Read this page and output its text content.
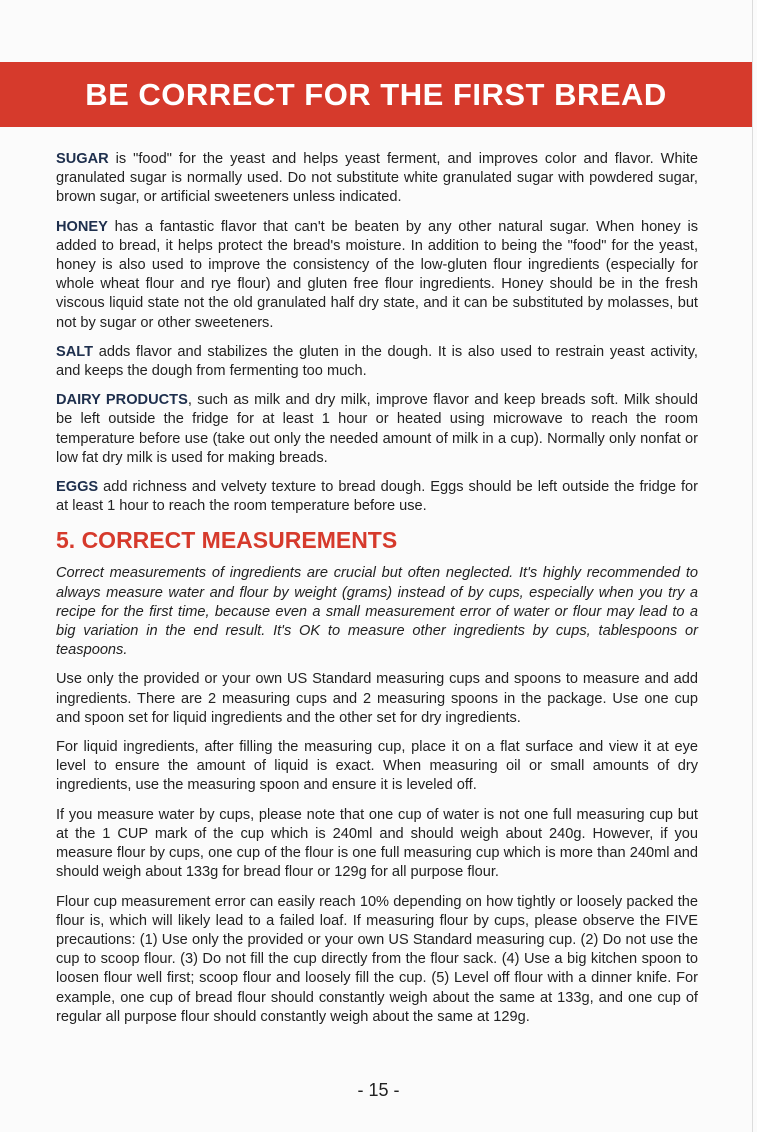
BE CORRECT FOR THE FIRST BREAD

SUGAR is "food" for the yeast and helps yeast ferment, and improves color and flavor. White granulated sugar is normally used. Do not substitute white granulated sugar with powdered sugar, brown sugar, or artificial sweeteners unless indicated.

HONEY has a fantastic flavor that can't be beaten by any other natural sugar. When honey is added to bread, it helps protect the bread's moisture. In addition to being the "food" for the yeast, honey is also used to improve the consistency of the low-gluten flour ingredients (especially for whole wheat flour and rye flour) and gluten free flour ingredients. Honey should be in the fresh viscous liquid state not the old granulated half dry state, and it can be substituted by molasses, but not by sugar or other sweeteners.

SALT adds flavor and stabilizes the gluten in the dough. It is also used to restrain yeast activity, and keeps the dough from fermenting too much.

DAIRY PRODUCTS, such as milk and dry milk, improve flavor and keep breads soft. Milk should be left outside the fridge for at least 1 hour or heated using microwave to reach the room temperature before use (take out only the needed amount of milk in a cup). Normally only nonfat or low fat dry milk is used for making breads.

EGGS add richness and velvety texture to bread dough. Eggs should be left outside the fridge for at least 1 hour to reach the room temperature before use.

5. CORRECT MEASUREMENTS

Correct measurements of ingredients are crucial but often neglected. It's highly recommended to always measure water and flour by weight (grams) instead of by cups, especially when you try a recipe for the first time, because even a small measurement error of water or flour may lead to a big variation in the end result. It's OK to measure other ingredients by cups, tablespoons or teaspoons.

Use only the provided or your own US Standard measuring cups and spoons to measure and add ingredients. There are 2 measuring cups and 2 measuring spoons in the package. Use one cup and spoon set for liquid ingredients and the other set for dry ingredients.

For liquid ingredients, after filling the measuring cup, place it on a flat surface and view it at eye level to ensure the amount of liquid is exact. When measuring oil or small amounts of dry ingredients, use the measuring spoon and ensure it is leveled off.

If you measure water by cups, please note that one cup of water is not one full measuring cup but at the 1 CUP mark of the cup which is 240ml and should weigh about 240g. However, if you measure flour by cups, one cup of the flour is one full measuring cup which is more than 240ml and should weigh about 133g for bread flour or 129g for all purpose flour.

Flour cup measurement error can easily reach 10% depending on how tightly or loosely packed the flour is, which will likely lead to a failed loaf. If measuring flour by cups, please observe the FIVE precautions: (1) Use only the provided or your own US Standard measuring cup. (2) Do not use the cup to scoop flour. (3) Do not fill the cup directly from the flour sack. (4) Use a big kitchen spoon to loosen flour well first; scoop flour and loosely fill the cup. (5) Level off flour with a dinner knife. For example, one cup of bread flour should constantly weigh about the same at 133g, and one cup of regular all purpose flour should constantly weigh about the same at 129g.

- 15 -
